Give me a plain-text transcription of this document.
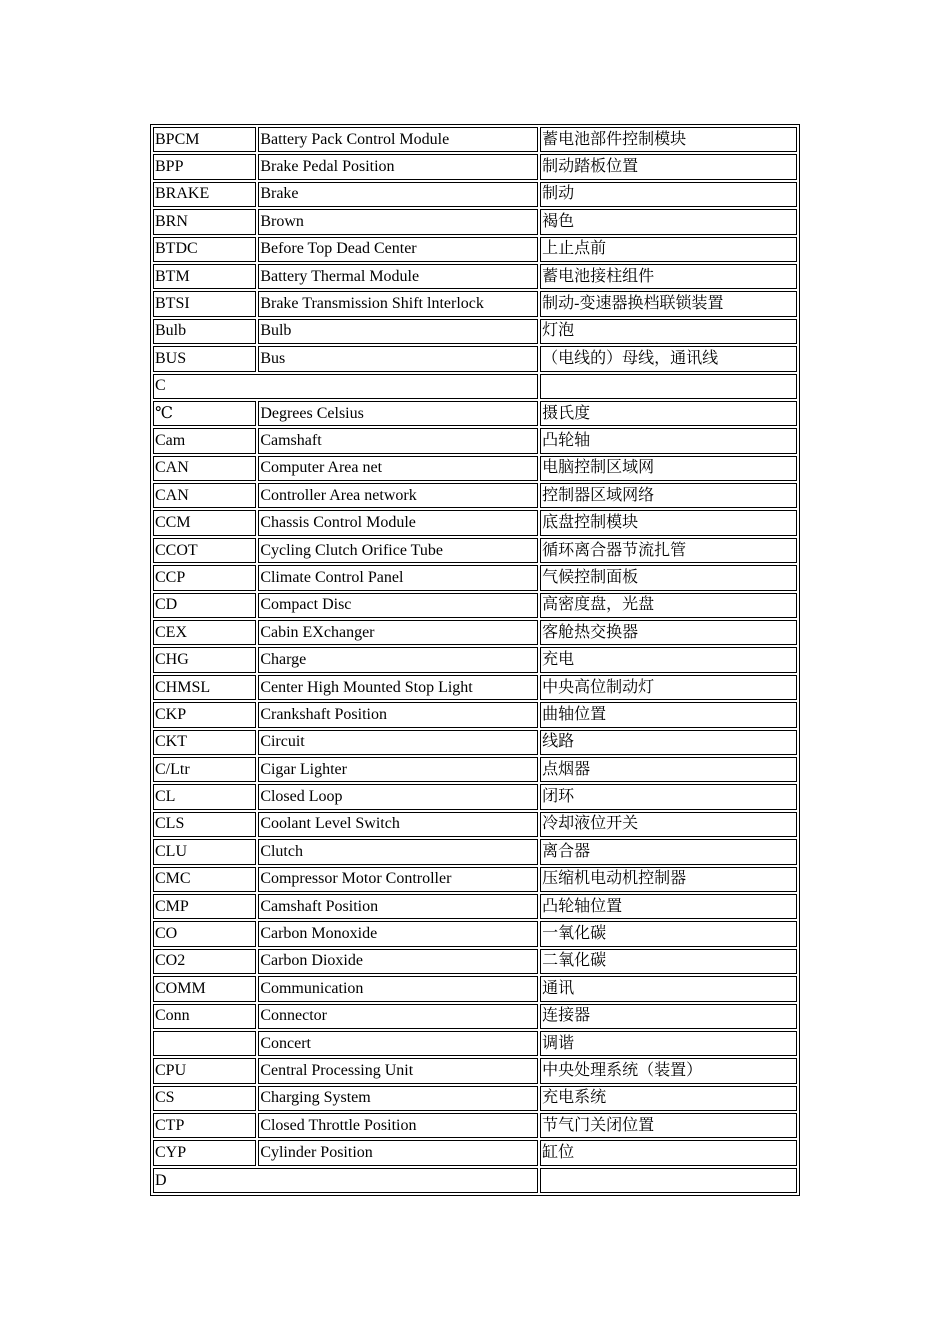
BPCM	Battery Pack Control Module	蓄电池部件控制模块
BPP	Brake Pedal Position	制动踏板位置
BRAKE	Brake	制动
BRN	Brown	褐色
BTDC	Before Top Dead Center	上止点前
BTM	Battery Thermal Module	蓄电池接柱组件
BTSI	Brake Transmission Shift lnterlock	制动-变速器换档联锁装置
Bulb	Bulb	灯泡
BUS	Bus	（电线的）母线，通讯线
C		
℃	Degrees Celsius	摄氏度
Cam	Camshaft	凸轮轴
CAN	Computer Area net	电脑控制区域网
CAN	Controller Area network	控制器区域网络
CCM	Chassis Control Module	底盘控制模块
CCOT	Cycling Clutch Orifice Tube	循环离合器节流扎管
CCP	Climate Control Panel	气候控制面板
CD	Compact Disc	高密度盘，光盘
CEX	Cabin EXchanger	客舱热交换器
CHG	Charge	充电
CHMSL	Center High Mounted Stop Light	中央高位制动灯
CKP	Crankshaft Position	曲轴位置
CKT	Circuit	线路
C/Ltr	Cigar Lighter	点烟器
CL	Closed Loop	闭环
CLS	Coolant Level Switch	冷却液位开关
CLU	Clutch	离合器
CMC	Compressor Motor Controller	压缩机电动机控制器
CMP	Camshaft Position	凸轮轴位置
CO	Carbon Monoxide	一氧化碳
CO2	Carbon Dioxide	二氧化碳
COMM	Communication	通讯
Conn	Connector	连接器
	Concert	调谐
CPU	Central Processing Unit	中央处理系统（装置）
CS	Charging System	充电系统
CTP	Closed Throttle Position	节气门关闭位置
CYP	Cylinder Position	缸位
D		
